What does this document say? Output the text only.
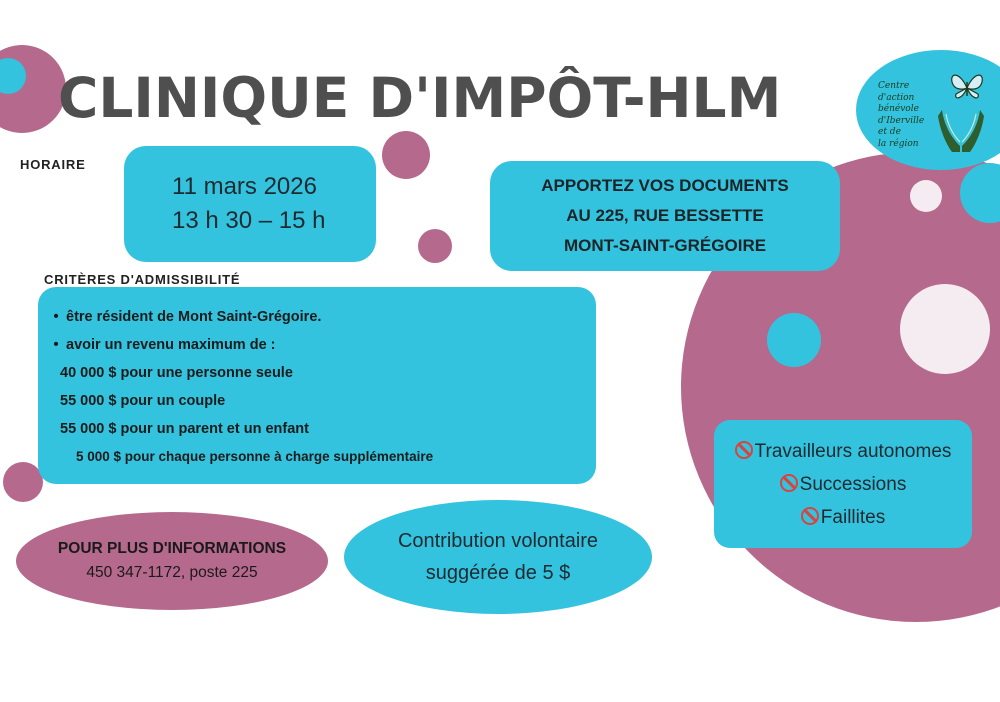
CLINIQUE D'IMPÔT-HLM	Centre d'action
bénévole
d'Iberville
et de
la région
HORAIRE
11 mars 2026
13 h 30 – 15 h
APPORTEZ VOS DOCUMENTS
AU 225, RUE BESSETTE
MONT-SAINT-GRÉGOIRE
CRITÈRES D'ADMISSIBILITÉ
• être résident de Mont Saint-Grégoire.
• avoir un revenu maximum de :
40 000 $ pour une personne seule
55 000 $ pour un couple
55 000 $ pour un parent et un enfant
5 000 $ pour chaque personne à charge supplémentaire	Travailleurs autonomes
Successions
Faillites
POUR PLUS D'INFORMATIONS
450 347-1172, poste 225
Contribution volontaire
suggérée de 5 $
